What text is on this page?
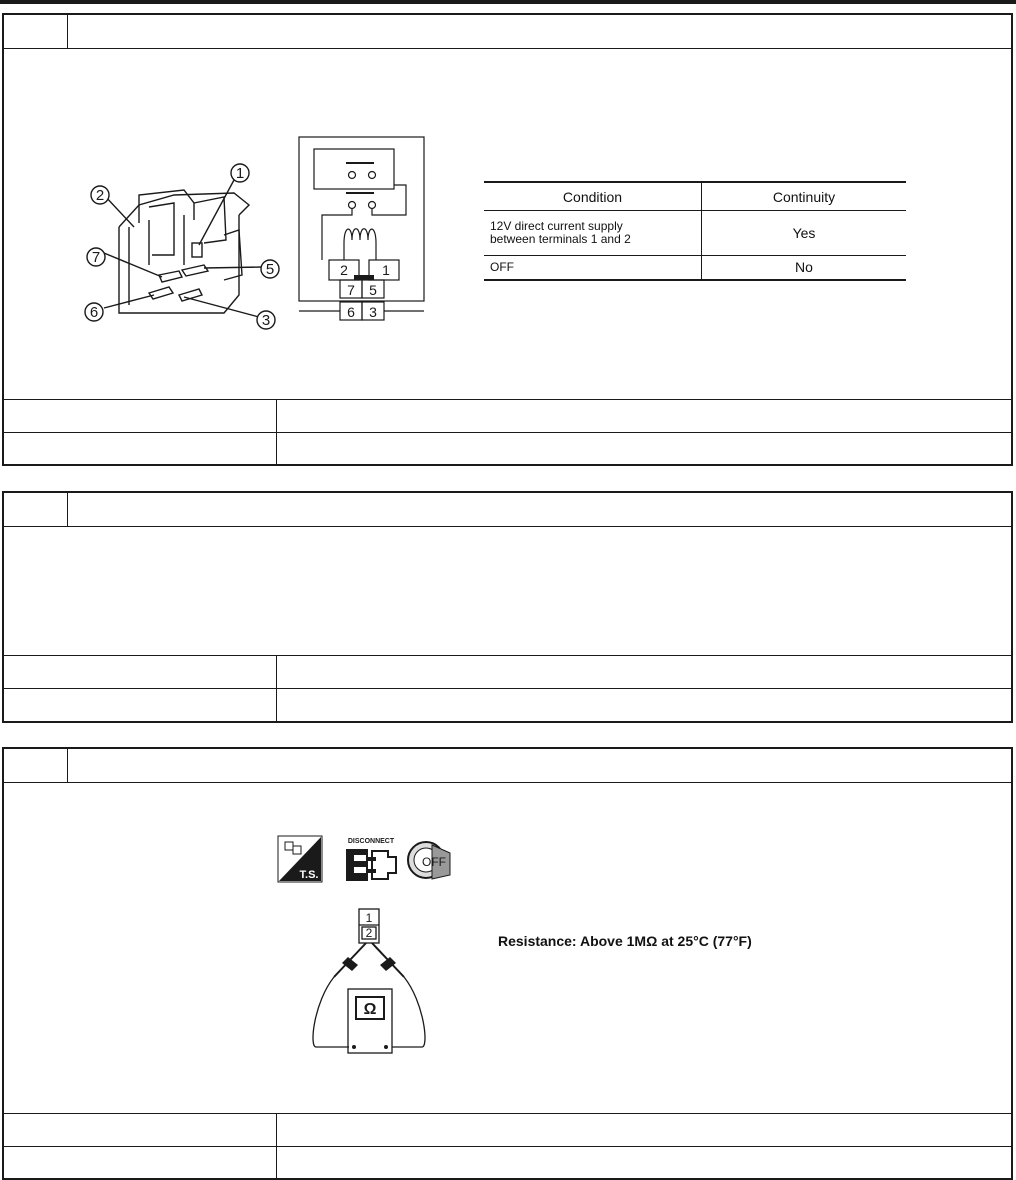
1
2
7
5
6	3
2 1
7 5
6 3
Condition	Continuity
12V direct current supply
between terminals 1 and 2	Yes
OFF	No
T.S.
DISCONNECT
OFF
1
2
Ω
Resistance: Above 1MΩ at 25°C (77°F)
